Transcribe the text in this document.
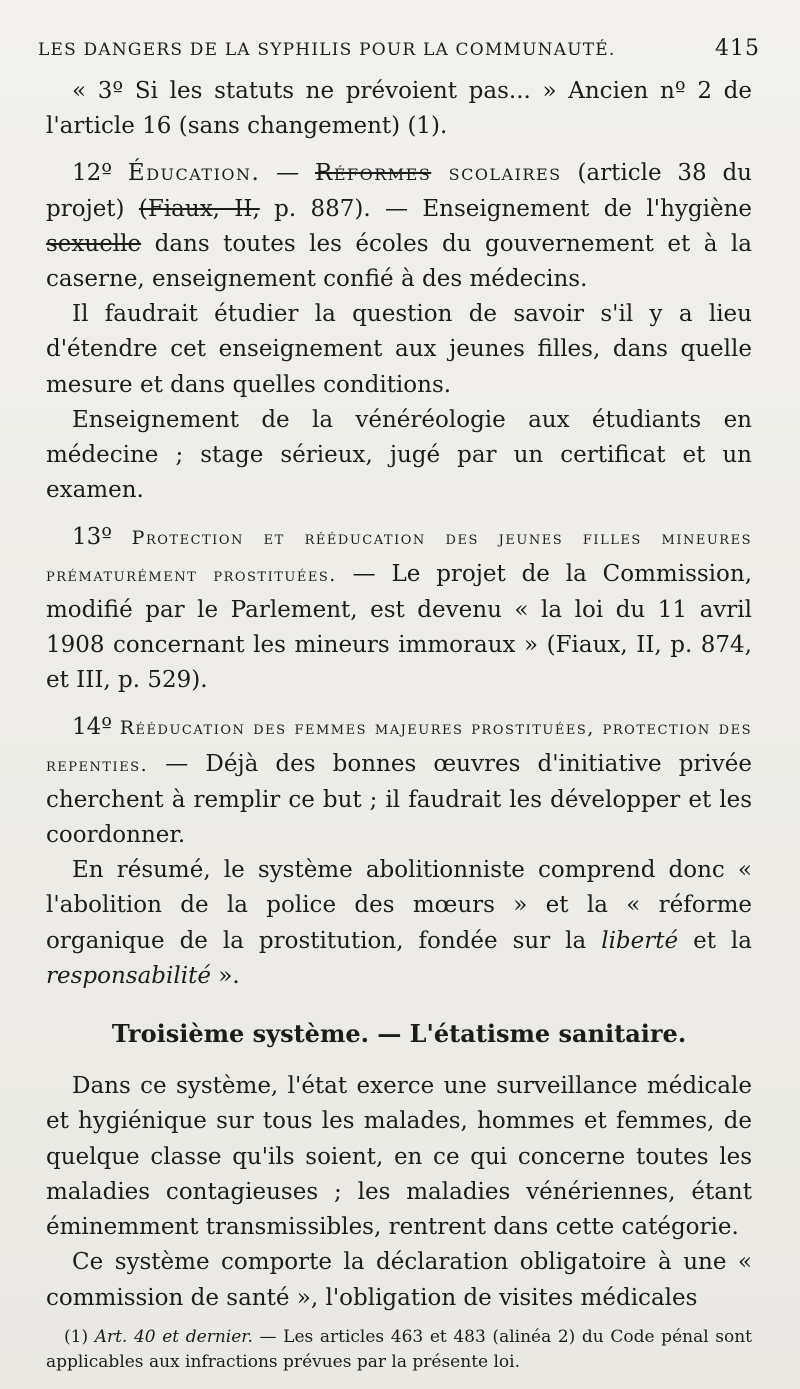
LES DANGERS DE LA SYPHILIS POUR LA COMMUNAUTÉ.	415

« 3º Si les statuts ne prévoient pas... » Ancien nº 2 de l'article 16 (sans changement) (1).

12º Éducation. — Réformes scolaires (article 38 du projet) (Fiaux, II, p. 887). — Enseignement de l'hygiène sexuelle dans toutes les écoles du gouvernement et à la caserne, enseignement confié à des médecins.

Il faudrait étudier la question de savoir s'il y a lieu d'étendre cet enseignement aux jeunes filles, dans quelle mesure et dans quelles conditions.

Enseignement de la vénéréologie aux étudiants en médecine ; stage sérieux, jugé par un certificat et un examen.

13º Protection et rééducation des jeunes filles mineures prématurément prostituées. — Le projet de la Commission, modifié par le Parlement, est devenu « la loi du 11 avril 1908 concernant les mineurs immoraux » (Fiaux, II, p. 874, et III, p. 529).

14º Rééducation des femmes majeures prostituées, protection des repenties. — Déjà des bonnes œuvres d'initiative privée cherchent à remplir ce but ; il faudrait les développer et les coordonner.

En résumé, le système abolitionniste comprend donc « l'abolition de la police des mœurs » et la « réforme organique de la prostitution, fondée sur la liberté et la responsabilité ».

Troisième système. — L'étatisme sanitaire.

Dans ce système, l'état exerce une surveillance médicale et hygiénique sur tous les malades, hommes et femmes, de quelque classe qu'ils soient, en ce qui concerne toutes les maladies contagieuses ; les maladies vénériennes, étant éminemment transmissibles, rentrent dans cette catégorie.

Ce système comporte la déclaration obligatoire à une « commission de santé », l'obligation de visites médicales

(1) Art. 40 et dernier. — Les articles 463 et 483 (alinéa 2) du Code pénal sont applicables aux infractions prévues par la présente loi.
